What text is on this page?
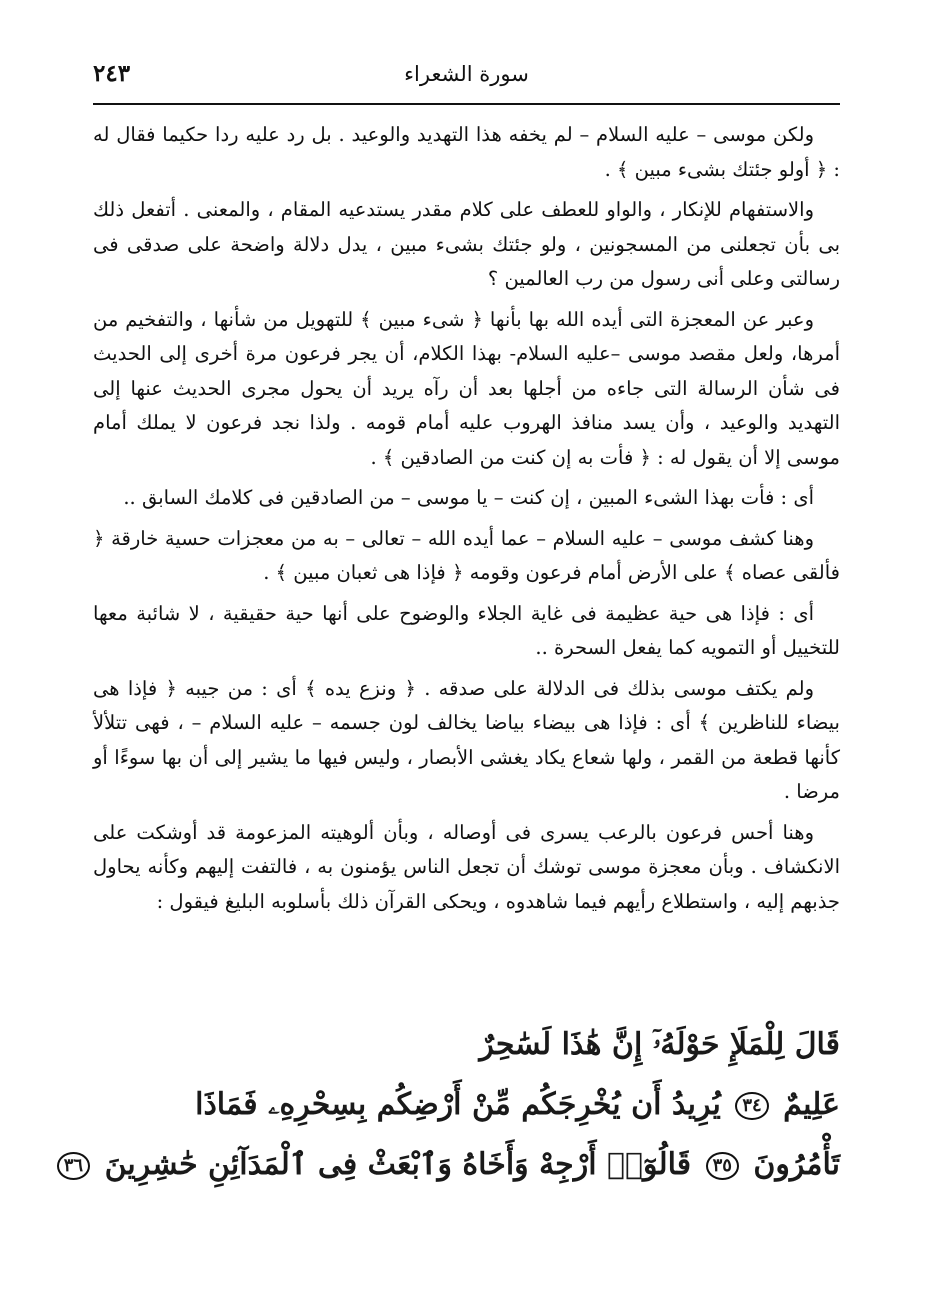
سورة الشعراء
٢٤٣

ولكن موسى – عليه السلام – لم يخفه هذا التهديد والوعيد . بل رد عليه ردا حكيما فقال له : ﴿ أولو جئتك بشىء مبين ﴾ .

والاستفهام للإنكار ، والواو للعطف على كلام مقدر يستدعيه المقام ، والمعنى . أتفعل ذلك بى بأن تجعلنى من المسجونين ، ولو جئتك بشىء مبين ، يدل دلالة واضحة على صدقى فى رسالتى وعلى أنى رسول من رب العالمين ؟

وعبر عن المعجزة التى أيده الله بها بأنها ﴿ شىء مبين ﴾ للتهويل من شأنها ، والتفخيم من أمرها، ولعل مقصد موسى –عليه السلام- بهذا الكلام، أن يجر فرعون مرة أخرى إلى الحديث فى شأن الرسالة التى جاءه من أجلها بعد أن رآه يريد أن يحول مجرى الحديث عنها إلى التهديد والوعيد ، وأن يسد منافذ الهروب عليه أمام قومه . ولذا نجد فرعون لا يملك أمام موسى إلا أن يقول له : ﴿ فأت به إن كنت من الصادقين ﴾ .

أى : فأت بهذا الشىء المبين ، إن كنت – يا موسى – من الصادقين فى كلامك السابق ..

وهنا كشف موسى – عليه السلام – عما أيده الله – تعالى – به من معجزات حسية خارقة ﴿ فألقى عصاه ﴾ على الأرض أمام فرعون وقومه ﴿ فإذا هى ثعبان مبين ﴾ .

أى : فإذا هى حية عظيمة فى غاية الجلاء والوضوح على أنها حية حقيقية ، لا شائبة معها للتخييل أو التمويه كما يفعل السحرة ..

ولم يكتف موسى بذلك فى الدلالة على صدقه . ﴿ ونزع يده ﴾ أى : من جيبه ﴿ فإذا هى بيضاء للناظرين ﴾ أى : فإذا هى بيضاء بياضا يخالف لون جسمه – عليه السلام – ، فهى تتلألأ كأنها قطعة من القمر ، ولها شعاع يكاد يغشى الأبصار ، وليس فيها ما يشير إلى أن بها سوءًا أو مرضا .

وهنا أحس فرعون بالرعب يسرى فى أوصاله ، وبأن ألوهيته المزعومة قد أوشكت على الانكشاف . وبأن معجزة موسى توشك أن تجعل الناس يؤمنون به ، فالتفت إليهم وكأنه يحاول جذبهم إليه ، واستطلاع رأيهم فيما شاهدوه ، ويحكى القرآن ذلك بأسلوبه البليغ فيقول :

قَالَ لِلْمَلَإِ حَوْلَهُۥٓ إِنَّ هَٰذَا لَسَٰحِرٌ
عَلِيمٌ ٣٤ يُرِيدُ أَن يُخْرِجَكُم مِّنْ أَرْضِكُم بِسِحْرِهِۦ فَمَاذَا
تَأْمُرُونَ ٣٥ قَالُوٓا۟ أَرْجِهْ وَأَخَاهُ وَٱبْعَثْ فِى ٱلْمَدَآئِنِ حَٰشِرِينَ ٣٦
